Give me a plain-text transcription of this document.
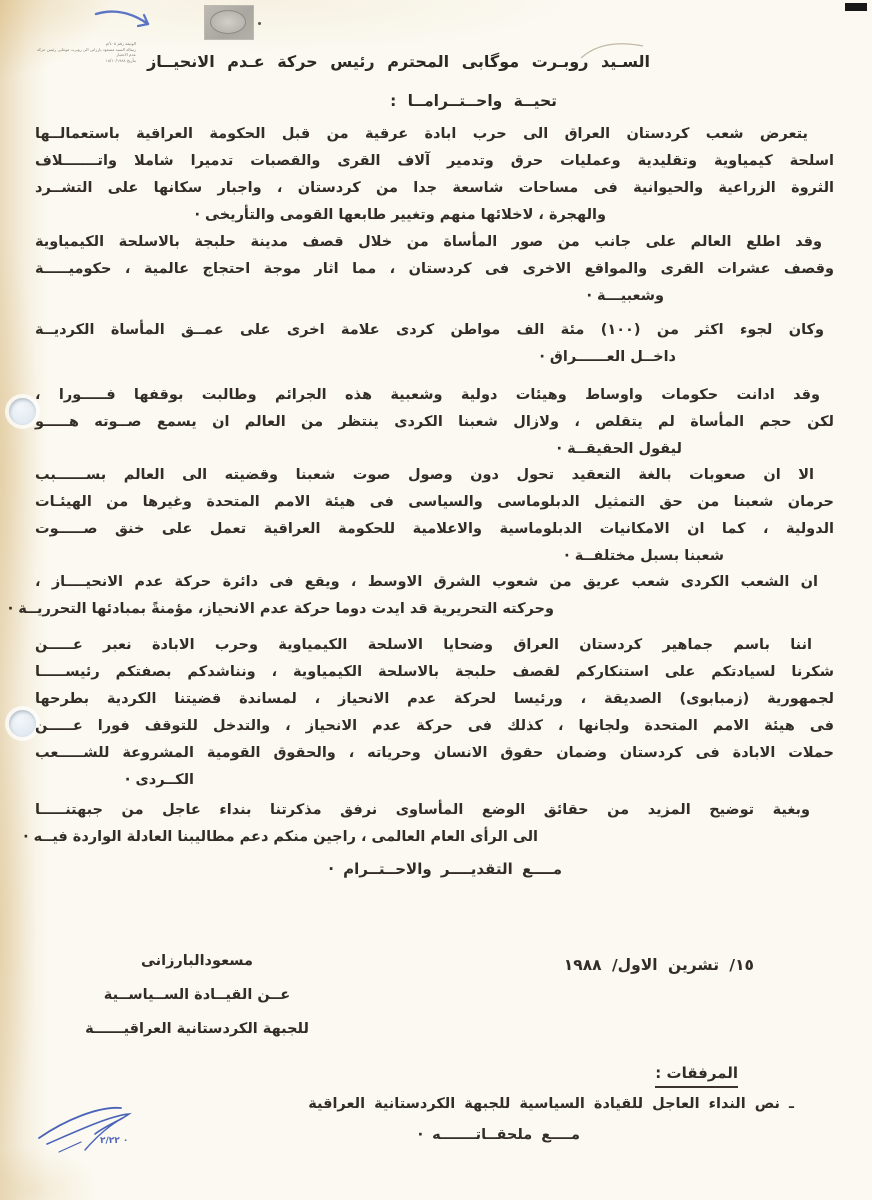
الوثيقة رقم ٤٠٥/م
رسالة السيد مسعود بارزانى الى روبرت موغابى رئيس حركة عدم الانحياز
بتأريخ ١٥/١٠/١٩٨٨ السـيد روبـرت موگابى المحترم رئيس حركة عـدم الانحيــاز
تحيــة واحــتــرامــا :
يتعرض شعب كردستان العراق الى حرب ابادة عرقية من قبل الحكومة العراقية باستعمالــها
اسلحة كيمياوية وتقليدية وعمليات حرق وتدمير آلاف القرى والقصبات تدميرا شاملا واتـــــــلاف
الثروة الزراعية والحيوانية فى مساحات شاسعة جدا من كردستان ، واجبار سكانها على التشــرد
والهجرة ، لاخلائها منهم وتغيير طابعها القومى والتأريخى ·
وقد اطلع العالم على جانب من صور المأساة من خلال قصف مدينة حلبجة بالاسلحة الكيمياوية
وقصف عشرات القرى والمواقع الاخرى فى كردستان ، مما اثار موجة احتجاج عالمية ، حكوميـــــة
وشعبيـــة ·
وكان لجوء اكثر من (١٠٠) مئة الف مواطن كردى علامة اخرى على عمــق المأساة الكرديــة
داخــل العــــــراق ·
وقد ادانت حكومات واوساط وهيئات دولية وشعبية هذه الجرائم وطالبت بوقفها فـــــورا ،
لكن حجم المأساة لم يتقلص ، ولازال شعبنا الكردى ينتظر من العالم ان يسمع صــوته هـــــو
ليقول الحقيقــة ·
الا ان صعوبات بالغة التعقيد تحول دون وصول صوت شعبنا وقضيته الى العالم بســــــبب
حرمان شعبنا من حق التمثيل الدبلوماسى والسياسى فى هيئة الامم المتحدة وغيرها من الهيئـات
الدولية ، كما ان الامكانيات الدبلوماسية والاعلامية للحكومة العراقية تعمل على خنق صـــــوت
شعبنا بسبل مختلفــة ·
ان الشعب الكردى شعب عريق من شعوب الشرق الاوسط ، ويقع فى دائرة حركة عدم الانحيــــاز ،
وحركته التحريرية قد ايدت دوما حركة عدم الانحياز، مؤمنةً بمبادئها التحرريــة ·
اننا باسم جماهير كردستان العراق وضحايا الاسلحة الكيمياوية وحرب الابادة نعبر عـــــن
شكرنا لسيادتكم على استنكاركم لقصف حلبجة بالاسلحة الكيمياوية ، ونناشدكم بصفتكم رئيســـــا
لجمهورية (زمبابوى) الصديقة ، ورئيسا لحركة عدم الانحياز ، لمساندة قضيتنا الكردية بطرحها
فى هيئة الامم المتحدة ولجانها ، كذلك فى حركة عدم الانحياز ، والتدخل للتوقف فورا عـــــن
حملات الابادة فى كردستان وضمان حقوق الانسان وحرياته ، والحقوق القومية المشروعة للشـــــعب
الكــردى ·
وبغية توضيح المزيد من حقائق الوضع المأساوى نرفق مذكرتنا بنداء عاجل من جبهتنـــــا
الى الرأى العام العالمى ، راجين منكم دعم مطاليبنا العادلة الواردة فيــه ·
مــــع التقديــــر والاحــتــرام ·
١٥/ تشرين الاول/ ١٩٨٨
مسعودالبارزانى
عــن القيــادة الســياســية
للجبهة الكردستانية العراقيــــــة
المرفقات :
ـ نص النداء العاجل للقيادة السياسية للجبهة الكردستانية العراقية
مــــع ملحقــاتـــــــه ·
٠ ٢/٢٢
